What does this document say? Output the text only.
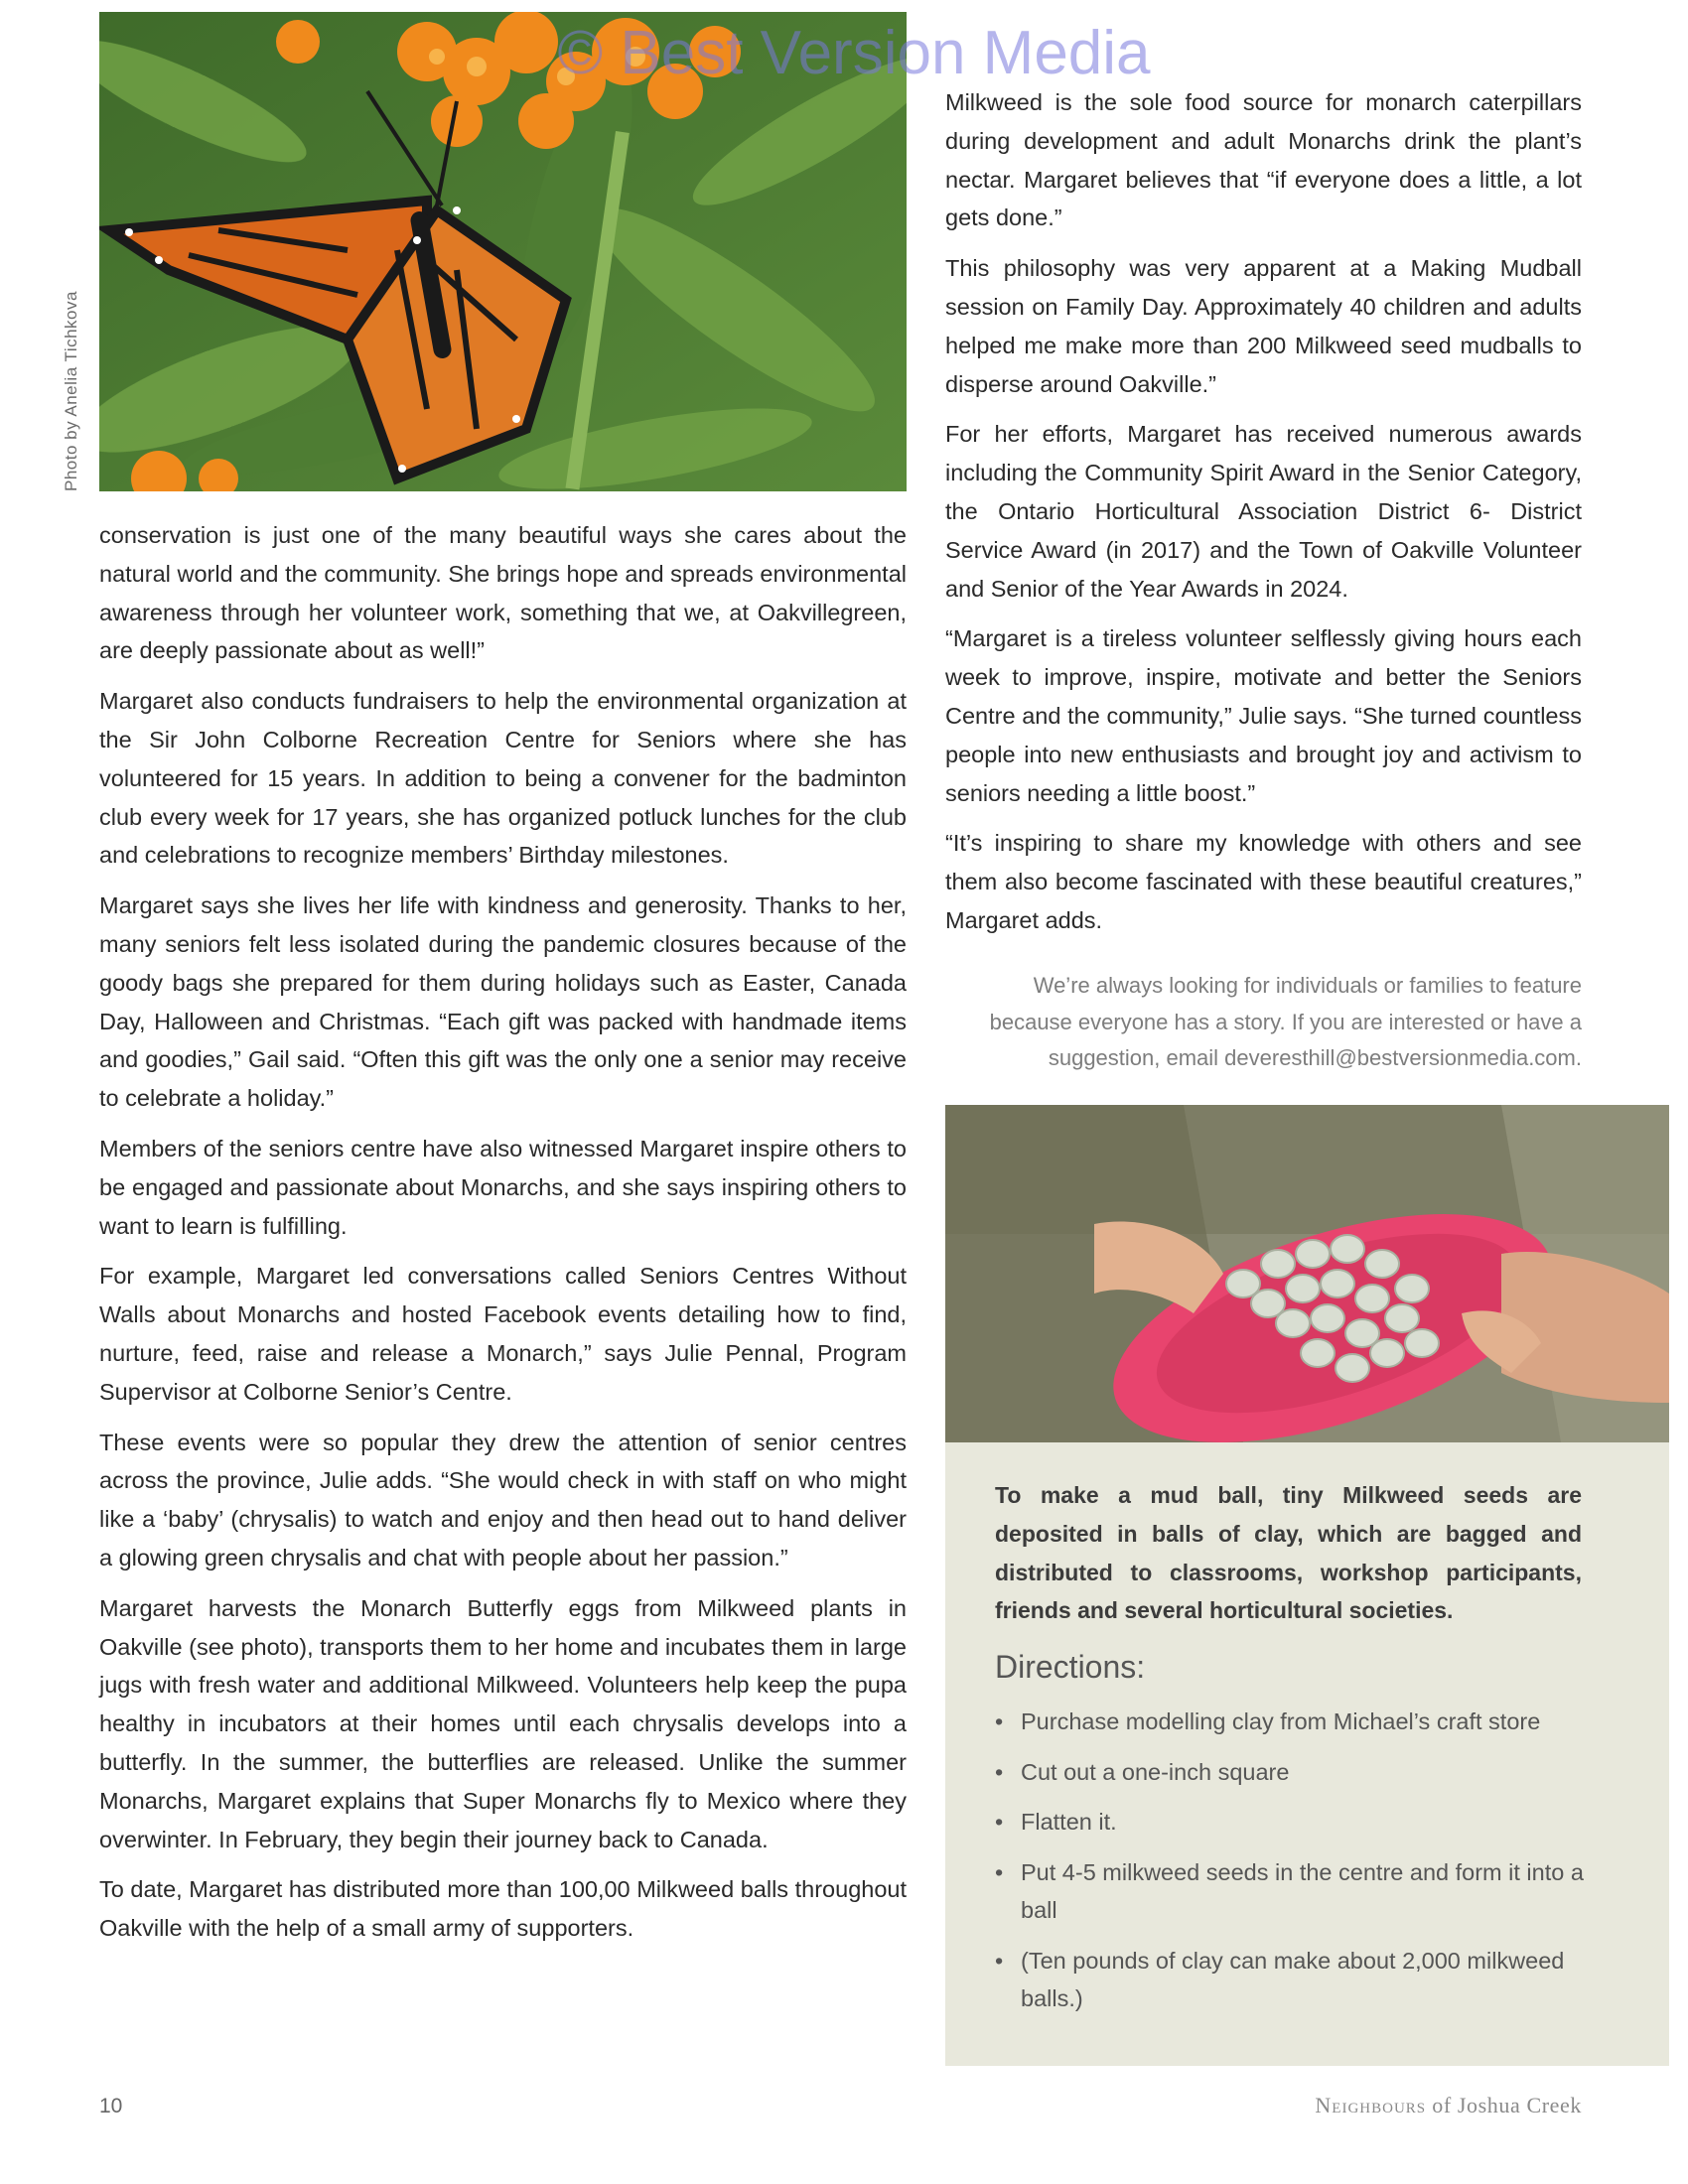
© Best Version Media
Photo by Anelia Tichkova

conservation is just one of the many beautiful ways she cares about the natural world and the community. She brings hope and spreads environmental awareness through her volunteer work, something that we, at Oakvillegreen, are deeply passionate about as well!”

Margaret also conducts fundraisers to help the environmental organization at the Sir John Colborne Recreation Centre for Seniors where she has volunteered for 15 years. In addition to being a convener for the badminton club every week for 17 years, she has organized potluck lunches for the club and celebrations to recognize members’ Birthday milestones.

Margaret says she lives her life with kindness and generosity. Thanks to her, many seniors felt less isolated during the pandemic closures because of the goody bags she prepared for them during holidays such as Easter, Canada Day, Halloween and Christmas. “Each gift was packed with handmade items and goodies,” Gail said. “Often this gift was the only one a senior may receive to celebrate a holiday.”

Members of the seniors centre have also witnessed Margaret inspire others to be engaged and passionate about Monarchs, and she says inspiring others to want to learn is fulfilling.

For example, Margaret led conversations called Seniors Centres Without Walls about Monarchs and hosted Facebook events detailing how to find, nurture, feed, raise and release a Monarch,” says Julie Pennal, Program Supervisor at Colborne Senior’s Centre.

These events were so popular they drew the attention of senior centres across the province, Julie adds. “She would check in with staff on who might like a ‘baby’ (chrysalis) to watch and enjoy and then head out to hand deliver a glowing green chrysalis and chat with people about her passion.”

Margaret harvests the Monarch Butterfly eggs from Milkweed plants in Oakville (see photo), transports them to her home and incubates them in large jugs with fresh water and additional Milkweed. Volunteers help keep the pupa healthy in incubators at their homes until each chrysalis develops into a butterfly. In the summer, the butterflies are released. Unlike the summer Monarchs, Margaret explains that Super Monarchs fly to Mexico where they overwinter. In February, they begin their journey back to Canada.

To date, Margaret has distributed more than 100,00 Milkweed balls throughout Oakville with the help of a small army of supporters.

Milkweed is the sole food source for monarch caterpillars during development and adult Monarchs drink the plant’s nectar. Margaret believes that “if everyone does a little, a lot gets done.”

This philosophy was very apparent at a Making Mudball session on Family Day. Approximately 40 children and adults helped me make more than 200 Milkweed seed mudballs to disperse around Oakville.”

For her efforts, Margaret has received numerous awards including the Community Spirit Award in the Senior Category, the Ontario Horticultural Association District 6- District Service Award (in 2017) and the Town of Oakville Volunteer and Senior of the Year Awards in 2024.

“Margaret is a tireless volunteer selflessly giving hours each week to improve, inspire, motivate and better the Seniors Centre and the community,” Julie says. “She turned countless people into new enthusiasts and brought joy and activism to seniors needing a little boost.”

“It’s inspiring to share my knowledge with others and see them also become fascinated with these beautiful creatures,” Margaret adds.

We’re always looking for individuals or families to feature because everyone has a story. If you are interested or have a suggestion, email deveresthill@bestversionmedia.com.
To make a mud ball, tiny Milkweed seeds are deposited in balls of clay, which are bagged and distributed to classrooms, workshop participants, friends and several horticultural societies.
Directions:
• Purchase modelling clay from Michael’s craft store
• Cut out a one-inch square
• Flatten it.
• Put 4-5 milkweed seeds in the centre and form it into a ball
• (Ten pounds of clay can make about 2,000 milkweed balls.)
10	Neighbours of Joshua Creek
